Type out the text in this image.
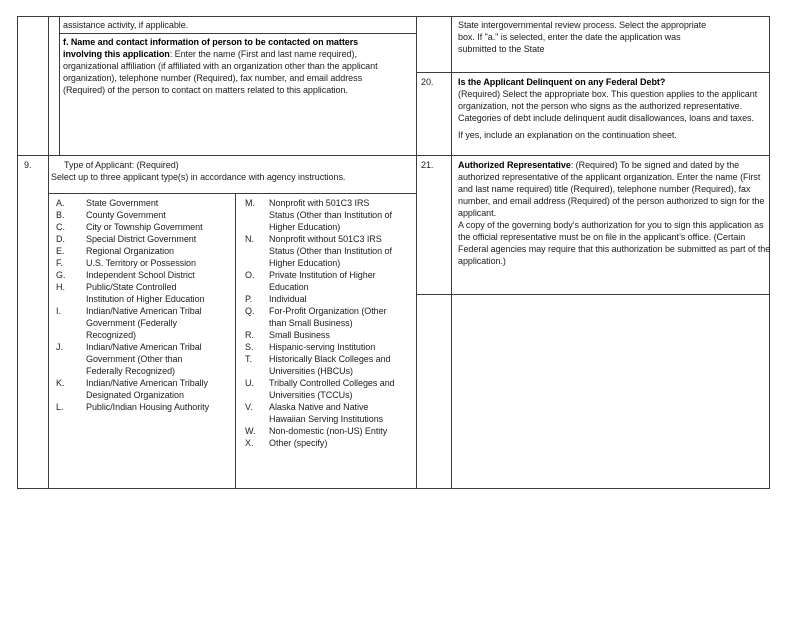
assistance activity, if applicable.
f. Name and contact information of person to be contacted on matters involving this application: Enter the name (First and last name required), organizational affiliation (if affiliated with an organization other than the applicant organization), telephone number (Required), fax number, and email address (Required) of the person to contact on matters related to this application.
9.	Type of Applicant: (Required)
Select up to three applicant type(s) in accordance with agency instructions.
A.	State Government
B.	County Government
C.	City or Township Government
D.	Special District Government
E.	Regional Organization
F.	U.S. Territory or Possession
G.	Independent School District
H.	Public/State Controlled Institution of Higher Education
I.	Indian/Native American Tribal Government (Federally Recognized)
J.	Indian/Native American Tribal Government (Other than Federally Recognized)
K.	Indian/Native American Tribally Designated Organization
L.	Public/Indian Housing Authority
M.	Nonprofit with 501C3 IRS Status (Other than Institution of Higher Education)
N.	Nonprofit without 501C3 IRS Status (Other than Institution of Higher Education)
O.	Private Institution of Higher Education
P.	Individual
Q.	For-Profit Organization (Other than Small Business)
R.	Small Business
S.	Hispanic-serving Institution
T.	Historically Black Colleges and Universities (HBCUs)
U.	Tribally Controlled Colleges and Universities (TCCUs)
V.	Alaska Native and Native Hawaiian Serving Institutions
W.	Non-domestic (non-US) Entity
X.	Other (specify)
State intergovernmental review process. Select the appropriate box. If "a." is selected, enter the date the application was submitted to the State
20.	Is the Applicant Delinquent on any Federal Debt?
(Required) Select the appropriate box. This question applies to the applicant organization, not the person who signs as the authorized representative. Categories of debt include delinquent audit disallowances, loans and taxes.
If yes, include an explanation on the continuation sheet.
21.	Authorized Representative: (Required) To be signed and dated by the authorized representative of the applicant organization. Enter the name (First and last name required) title (Required), telephone number (Required), fax number, and email address (Required) of the person authorized to sign for the applicant.
A copy of the governing body’s authorization for you to sign this application as the official representative must be on file in the applicant’s office. (Certain Federal agencies may require that this authorization be submitted as part of the application.)
